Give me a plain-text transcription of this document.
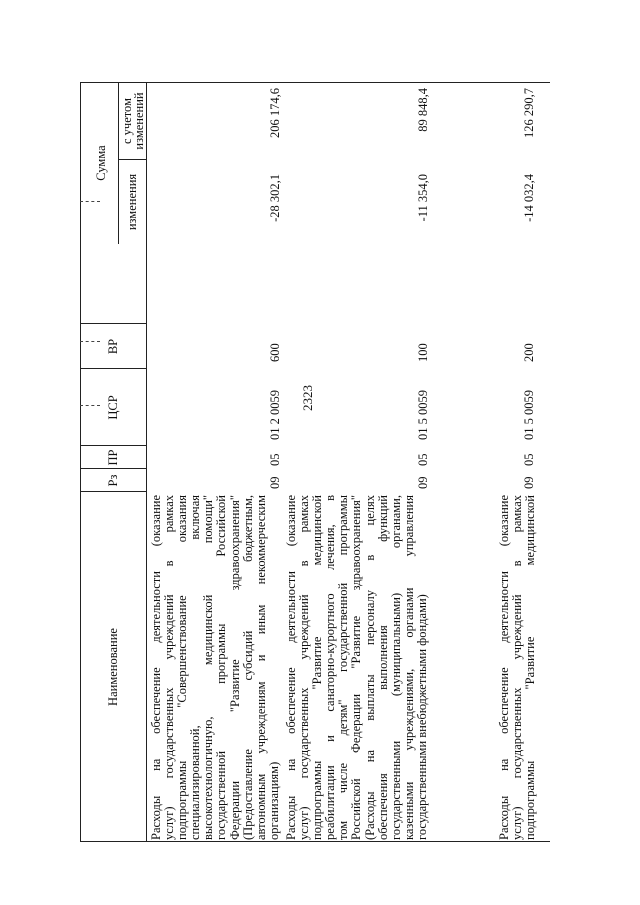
2323
Наименование
Рз
ПР
ЦСР
ВР
Сумма
изменения
с учетом
изменений
Расходы на обеспечение деятельности (оказание услуг) государственных учреждений в рамках подпрограммы "Совершенствование оказания специализированной, включая высокотехнологичную, медицинской помощи" государственной программы Российской Федерации "Развитие здравоохранения" (Предоставление субсидий бюджетным, автономным учреждениям и иным некоммерческим организациям)
09
05
01 2 0059
600
-28 302,1
206 174,6
Расходы на обеспечение деятельности (оказание услуг) государственных учреждений в рамках подпрограммы "Развитие медицинской реабилитации и санаторно-курортного лечения, в том числе детям" государственной программы Российской Федерации "Развитие здравоохранения" (Расходы на выплаты персоналу в целях обеспечения выполнения функций государственными (муниципальными) органами, казенными учреждениями, органами управления государственными внебюджетными фондами)
09
05
01 5 0059
100
-11 354,0
89 848,4
Расходы на обеспечение деятельности (оказание услуг) государственных учреждений в рамках подпрограммы "Развитие медицинской
09
05
01 5 0059
200
-14 032,4
126 290,7
